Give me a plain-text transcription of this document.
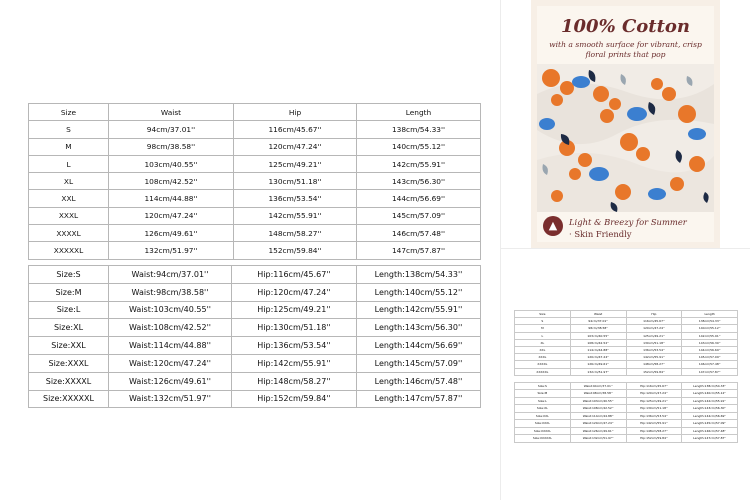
Size	Waist	Hip	Length
S	94cm/37.01''	116cm/45.67''	138cm/54.33''
M	98cm/38.58''	120cm/47.24''	140cm/55.12''
L	103cm/40.55''	125cm/49.21''	142cm/55.91''
XL	108cm/42.52''	130cm/51.18''	143cm/56.30''
XXL	114cm/44.88''	136cm/53.54''	144cm/56.69''
XXXL	120cm/47.24''	142cm/55.91''	145cm/57.09''
XXXXL	126cm/49.61''	148cm/58.27''	146cm/57.48''
XXXXXL	132cm/51.97''	152cm/59.84''	147cm/57.87''
Size:S	Waist:94cm/37.01''	Hip:116cm/45.67''	Length:138cm/54.33''
Size:M	Waist:98cm/38.58''	Hip:120cm/47.24''	Length:140cm/55.12''
Size:L	Waist:103cm/40.55''	Hip:125cm/49.21''	Length:142cm/55.91''
Size:XL	Waist:108cm/42.52''	Hip:130cm/51.18''	Length:143cm/56.30''
Size:XXL	Waist:114cm/44.88''	Hip:136cm/53.54''	Length:144cm/56.69''
Size:XXXL	Waist:120cm/47.24''	Hip:142cm/55.91''	Length:145cm/57.09''
Size:XXXXL	Waist:126cm/49.61''	Hip:148cm/58.27''	Length:146cm/57.48''
Size:XXXXXL	Waist:132cm/51.97''	Hip:152cm/59.84''	Length:147cm/57.87''
100% Cotton
with a smooth surface for vibrant, crisp floral prints that pop
▲	Light & Breezy for Summer
· Skin Friendly
Size	Waist	Hip	Length
S	94cm/37.01''	116cm/45.67''	138cm/54.33''
M	98cm/38.58''	120cm/47.24''	140cm/55.12''
L	103cm/40.55''	125cm/49.21''	142cm/55.91''
XL	108cm/42.52''	130cm/51.18''	143cm/56.30''
XXL	114cm/44.88''	136cm/53.54''	144cm/56.69''
XXXL	120cm/47.24''	142cm/55.91''	145cm/57.09''
XXXXL	126cm/49.61''	148cm/58.27''	146cm/57.48''
XXXXXL	132cm/51.97''	152cm/59.84''	147cm/57.87''
Size:S	Waist:94cm/37.01''	Hip:116cm/45.67''	Length:138cm/54.33''
Size:M	Waist:98cm/38.58''	Hip:120cm/47.24''	Length:140cm/55.12''
Size:L	Waist:103cm/40.55''	Hip:125cm/49.21''	Length:142cm/55.91''
Size:XL	Waist:108cm/42.52''	Hip:130cm/51.18''	Length:143cm/56.30''
Size:XXL	Waist:114cm/44.88''	Hip:136cm/53.54''	Length:144cm/56.69''
Size:XXXL	Waist:120cm/47.24''	Hip:142cm/55.91''	Length:145cm/57.09''
Size:XXXXL	Waist:126cm/49.61''	Hip:148cm/58.27''	Length:146cm/57.48''
Size:XXXXXL	Waist:132cm/51.97''	Hip:152cm/59.84''	Length:147cm/57.87''
